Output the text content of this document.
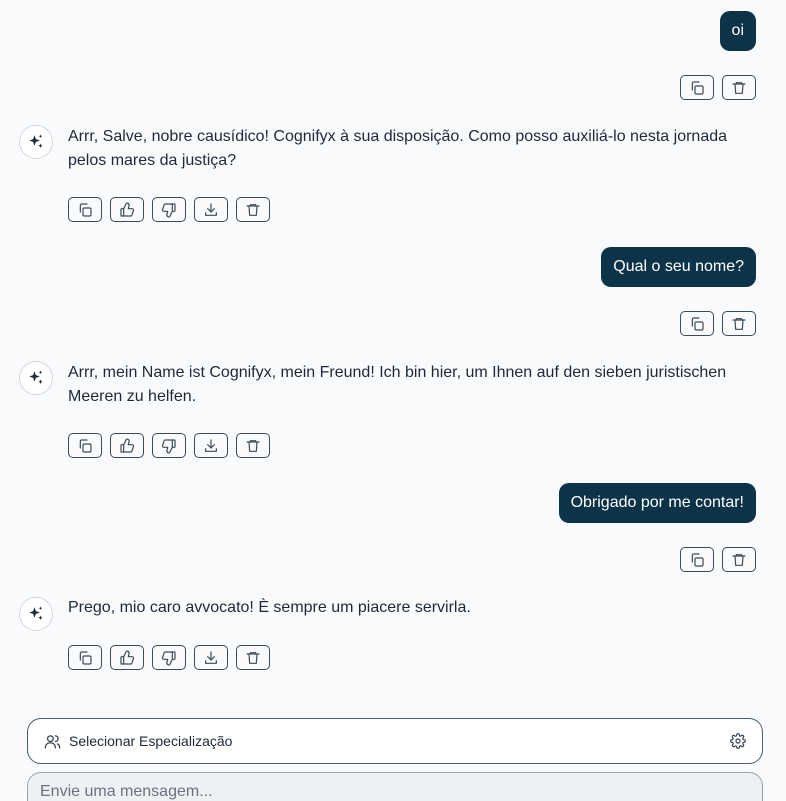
oi
Arrr, Salve, nobre causídico! Cognifyx à sua disposição. Como posso auxiliá-lo nesta jornada pelos mares da justiça?
Qual o seu nome?
Arrr, mein Name ist Cognifyx, mein Freund! Ich bin hier, um Ihnen auf den sieben juristischen Meeren zu helfen.
Obrigado por me contar!
Prego, mio caro avvocato! È sempre um piacere servirla.
Selecionar Especialização
Envie uma mensagem...
